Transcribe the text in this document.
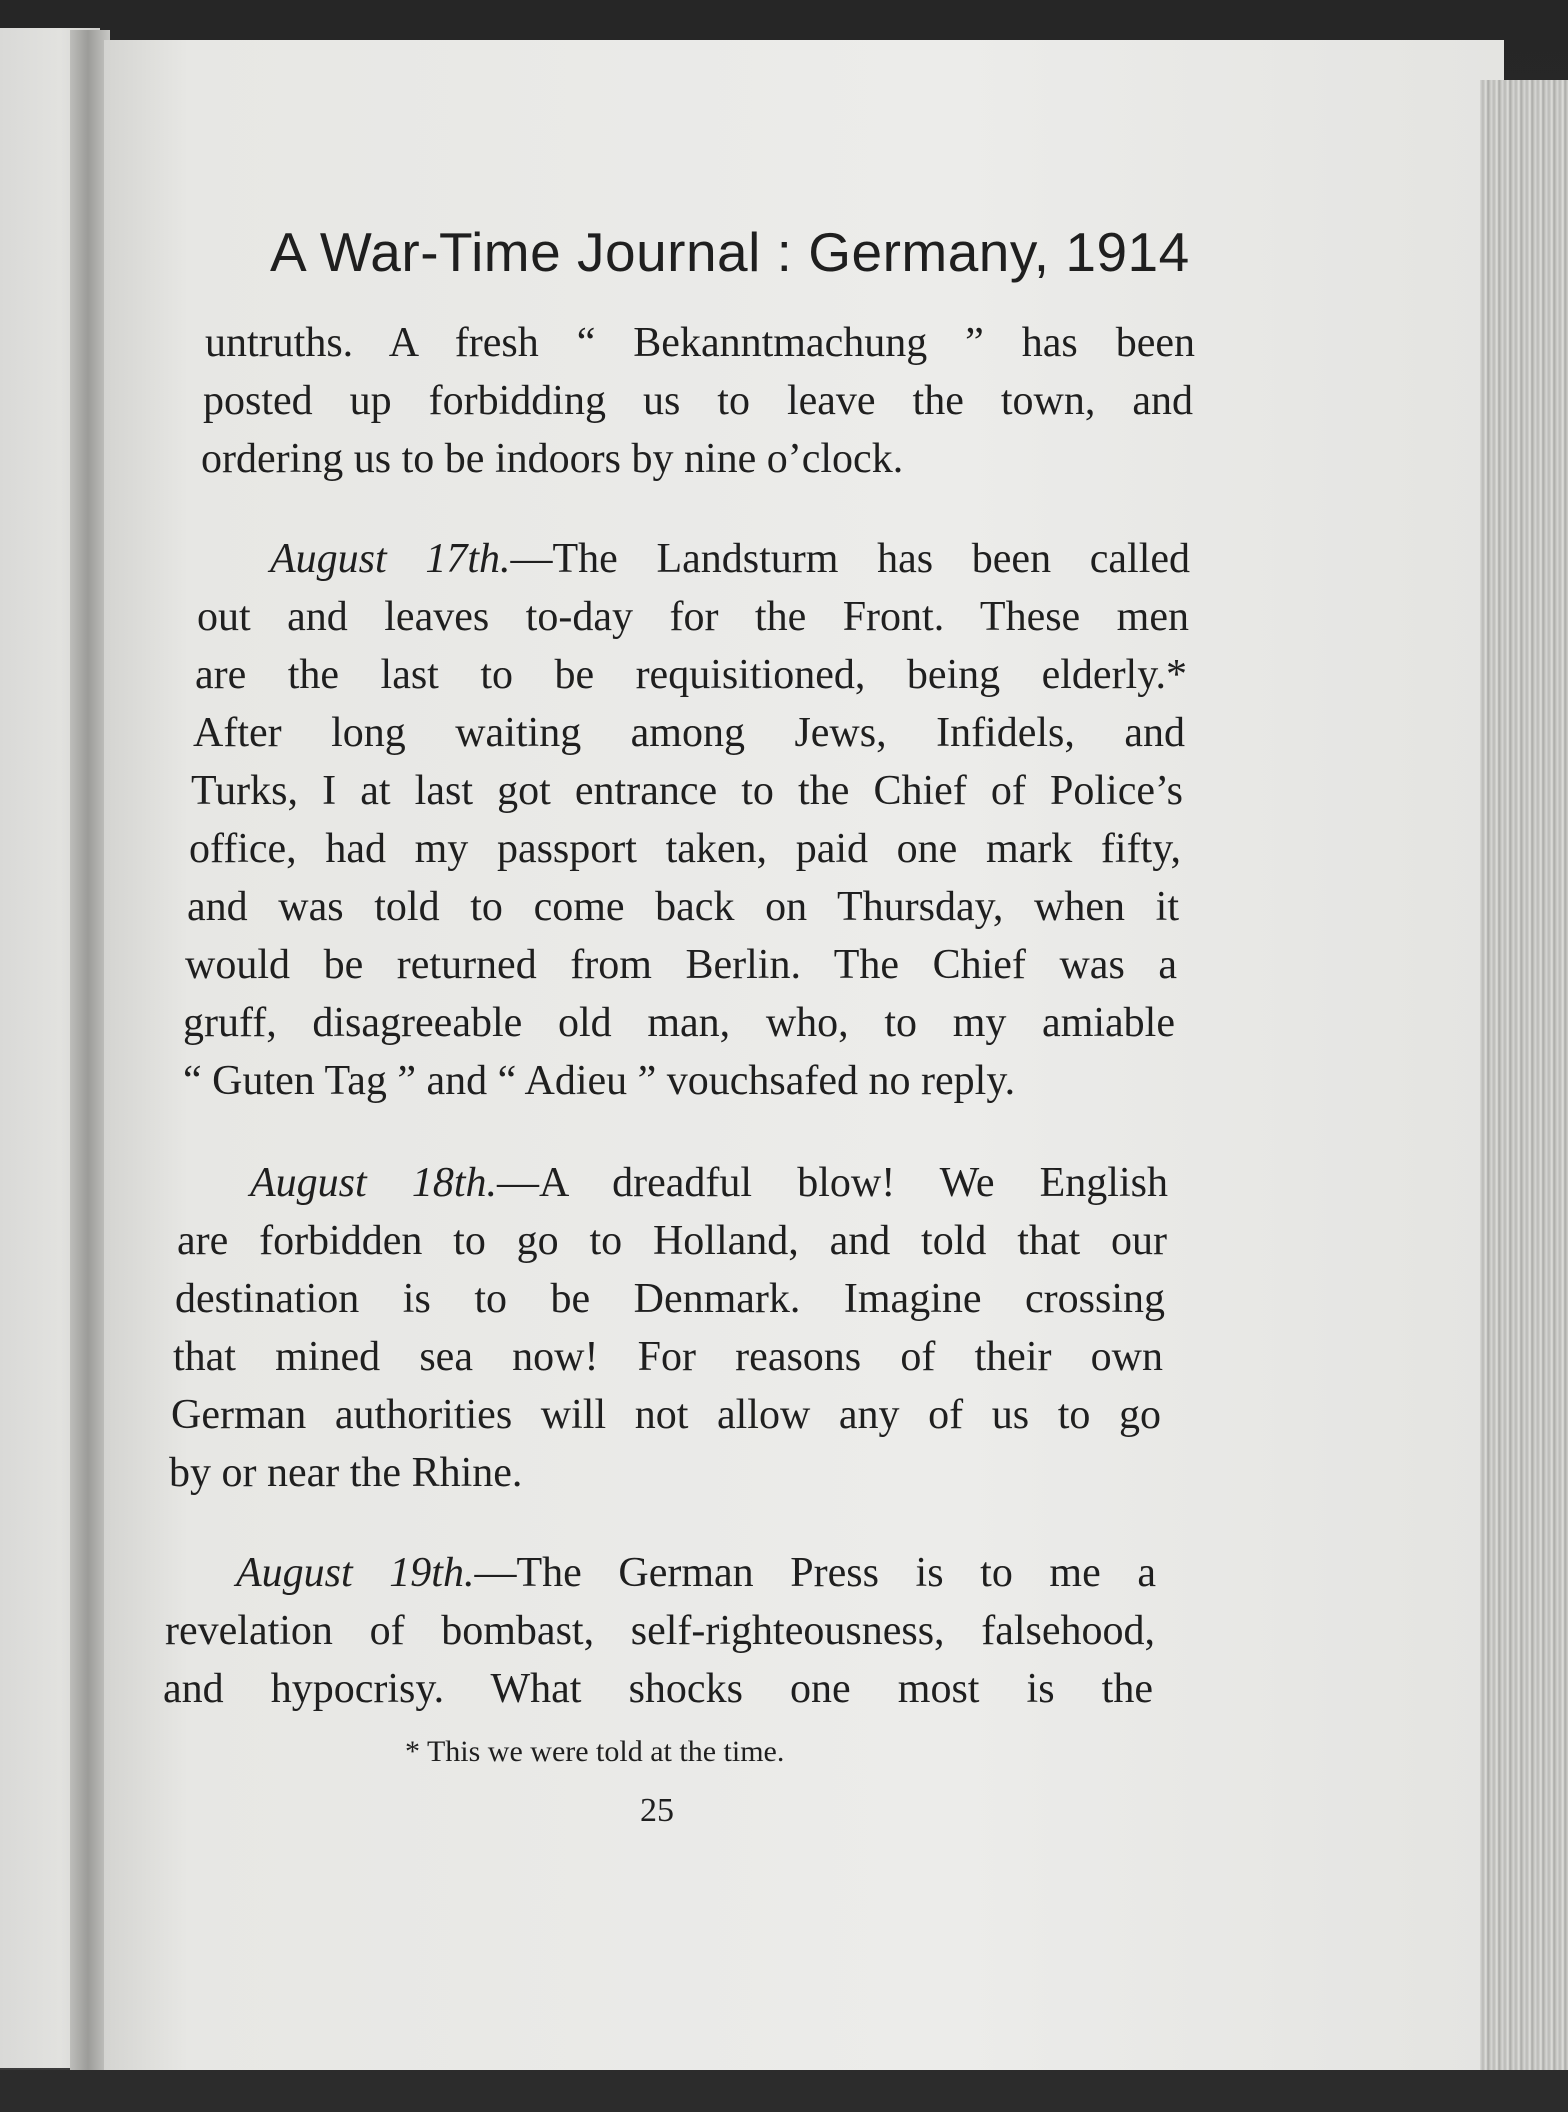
A War-Time Journal : Germany, 1914
untruths. A fresh “ Bekanntmachung ” has been
posted up forbidding us to leave the town, and
ordering us to be indoors by nine o’clock.
August 17th.—The Landsturm has been called
out and leaves to-day for the Front. These men
are the last to be requisitioned, being elderly.*
After long waiting among Jews, Infidels, and
Turks, I at last got entrance to the Chief of Police’s
office, had my passport taken, paid one mark fifty,
and was told to come back on Thursday, when it
would be returned from Berlin. The Chief was a
gruff, disagreeable old man, who, to my amiable
“ Guten Tag ” and “ Adieu ” vouchsafed no reply.
August 18th.—A dreadful blow! We English
are forbidden to go to Holland, and told that our
destination is to be Denmark. Imagine crossing
that mined sea now! For reasons of their own
German authorities will not allow any of us to go
by or near the Rhine.
August 19th.—The German Press is to me a
revelation of bombast, self-righteousness, falsehood,
and hypocrisy. What shocks one most is the
* This we were told at the time.
25
